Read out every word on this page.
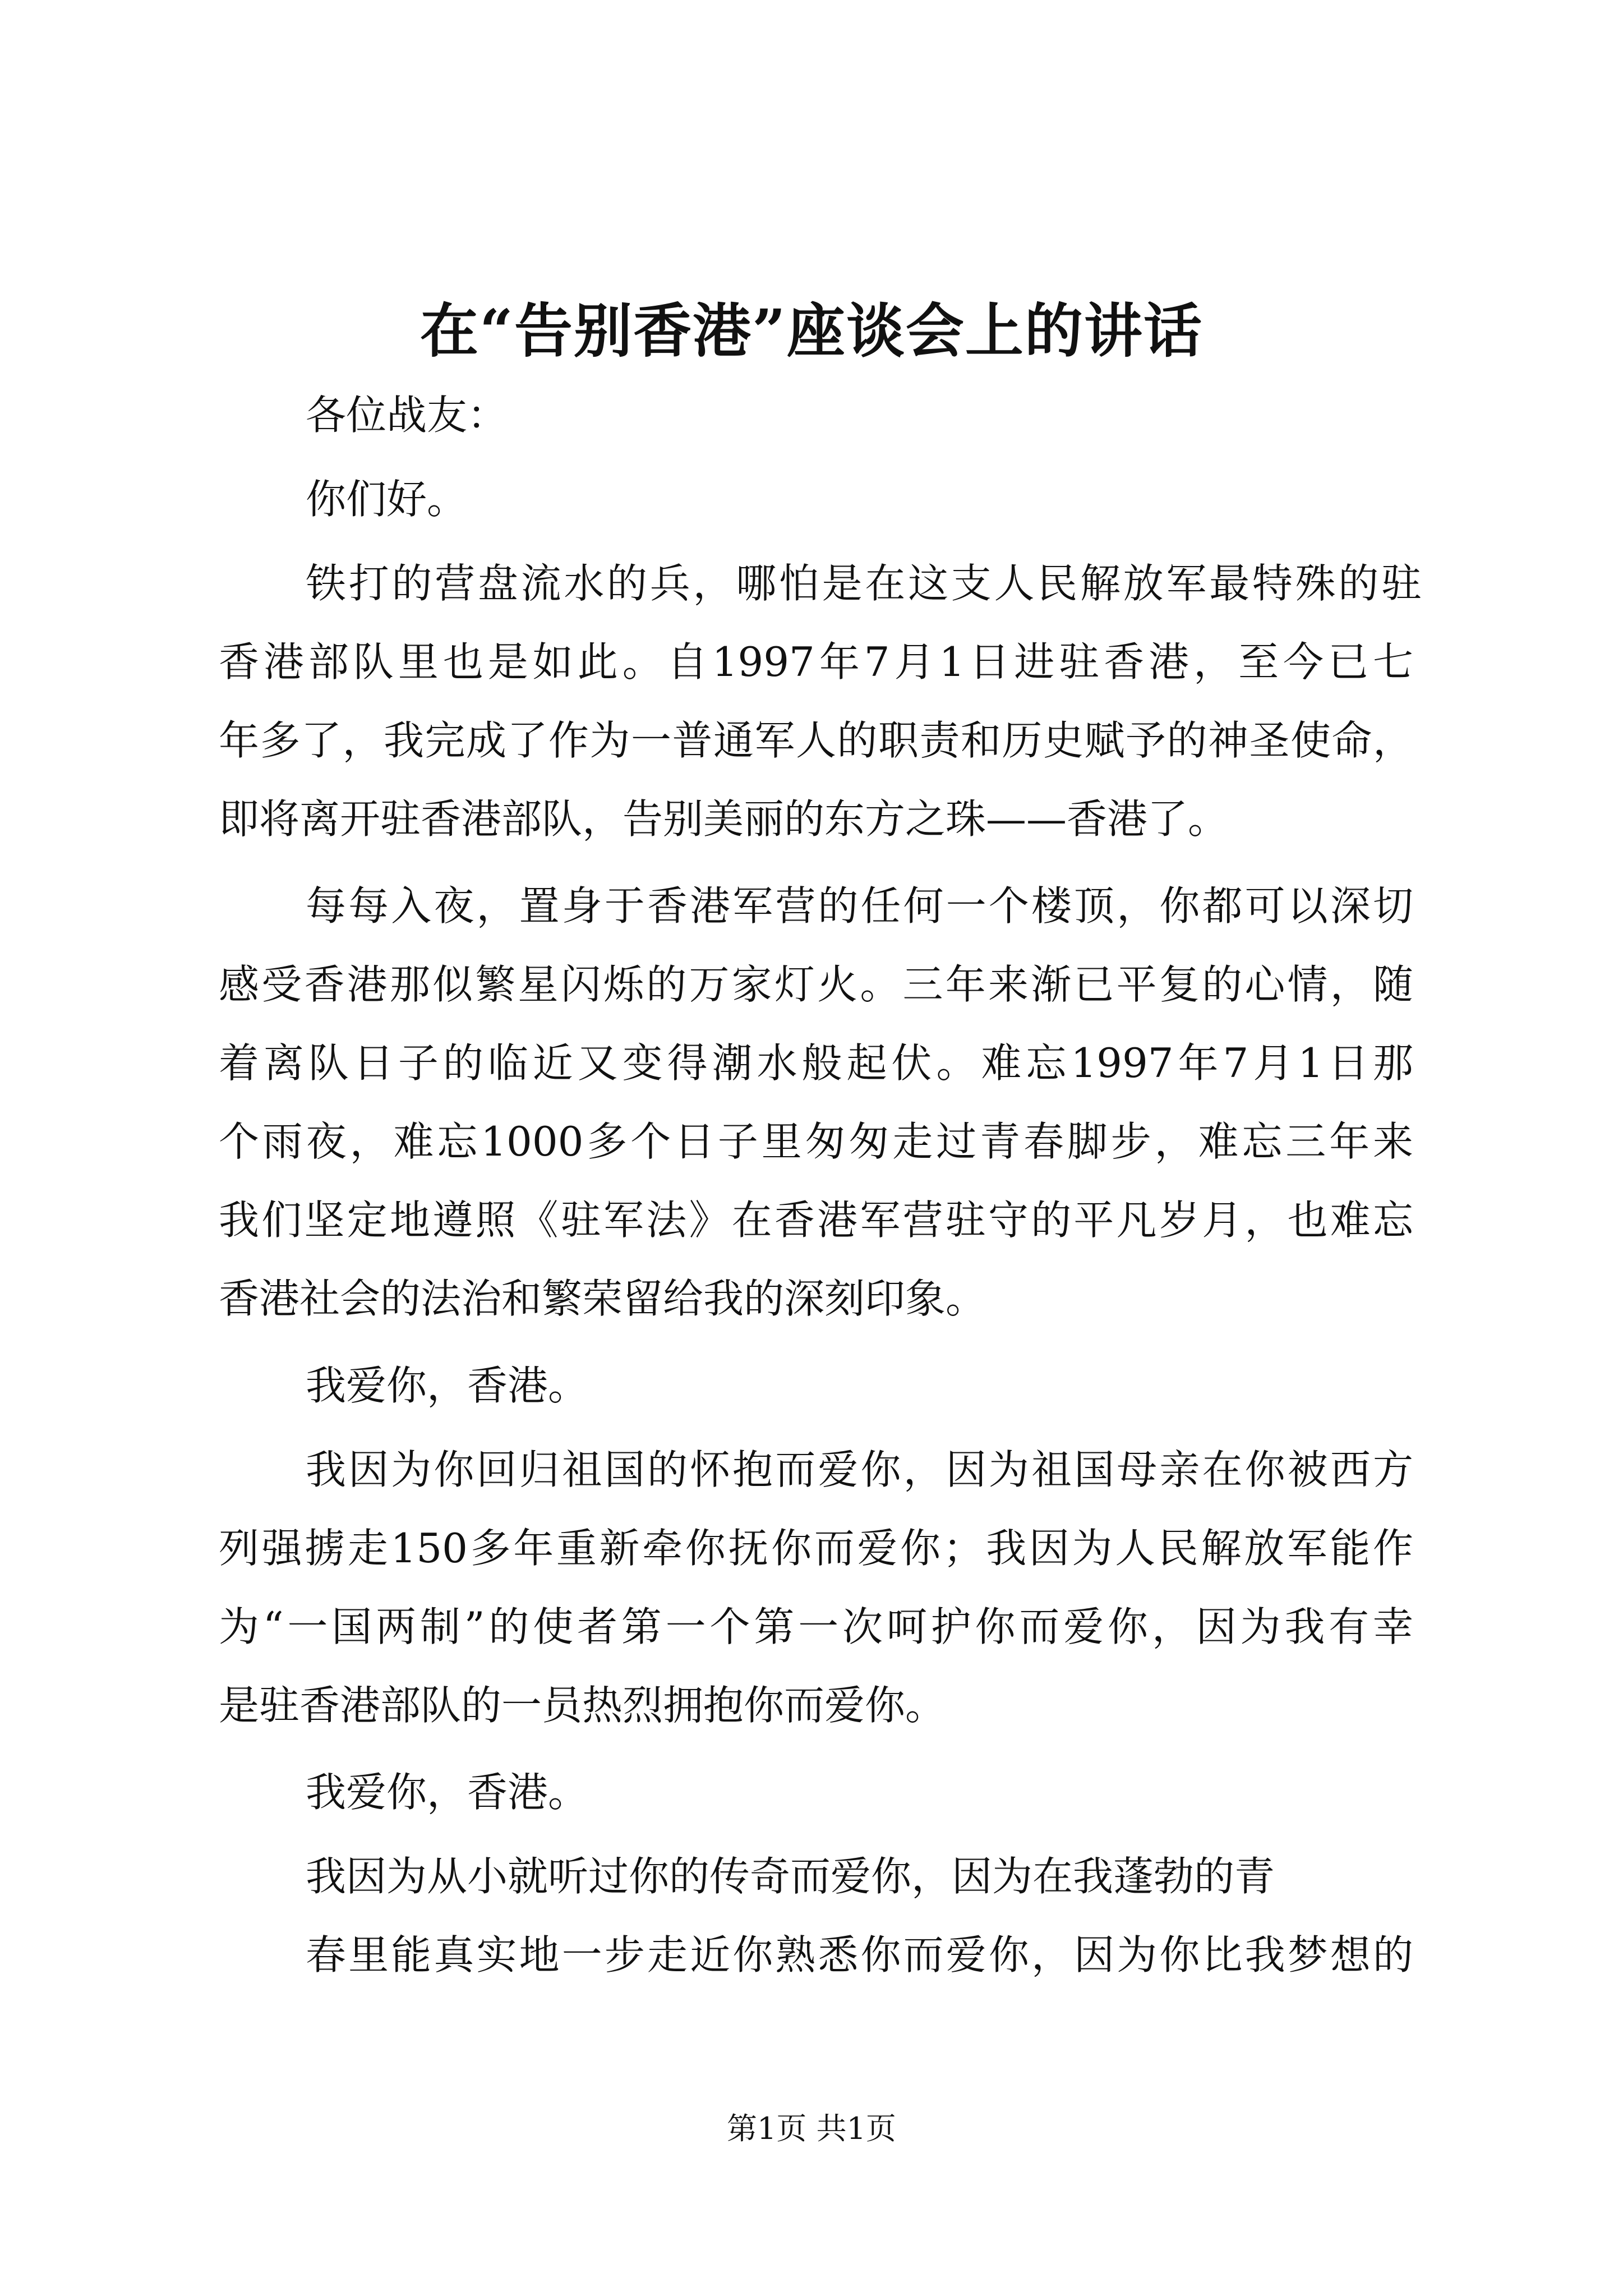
在“告别香港”座谈会上的讲话
各位战友：
你们好。
铁打的营盘流水的兵，哪怕是在这支人民解放军最特殊的驻
香港部队里也是如此。自1997年7月1日进驻香港，至今已七
年多了，我完成了作为一普通军人的职责和历史赋予的神圣使命，
即将离开驻香港部队，告别美丽的东方之珠——香港了。
每每入夜，置身于香港军营的任何一个楼顶，你都可以深切
感受香港那似繁星闪烁的万家灯火。三年来渐已平复的心情，随
着离队日子的临近又变得潮水般起伏。难忘1997年7月1日那
个雨夜，难忘1000多个日子里匆匆走过青春脚步，难忘三年来
我们坚定地遵照《驻军法》在香港军营驻守的平凡岁月，也难忘
香港社会的法治和繁荣留给我的深刻印象。
我爱你，香港。
我因为你回归祖国的怀抱而爱你，因为祖国母亲在你被西方
列强掳走150多年重新牵你抚你而爱你；我因为人民解放军能作
为“一国两制”的使者第一个第一次呵护你而爱你，因为我有幸
是驻香港部队的一员热烈拥抱你而爱你。
我爱你，香港。
我因为从小就听过你的传奇而爱你，因为在我蓬勃的青
春里能真实地一步走近你熟悉你而爱你，因为你比我梦想的
第1页 共1页
